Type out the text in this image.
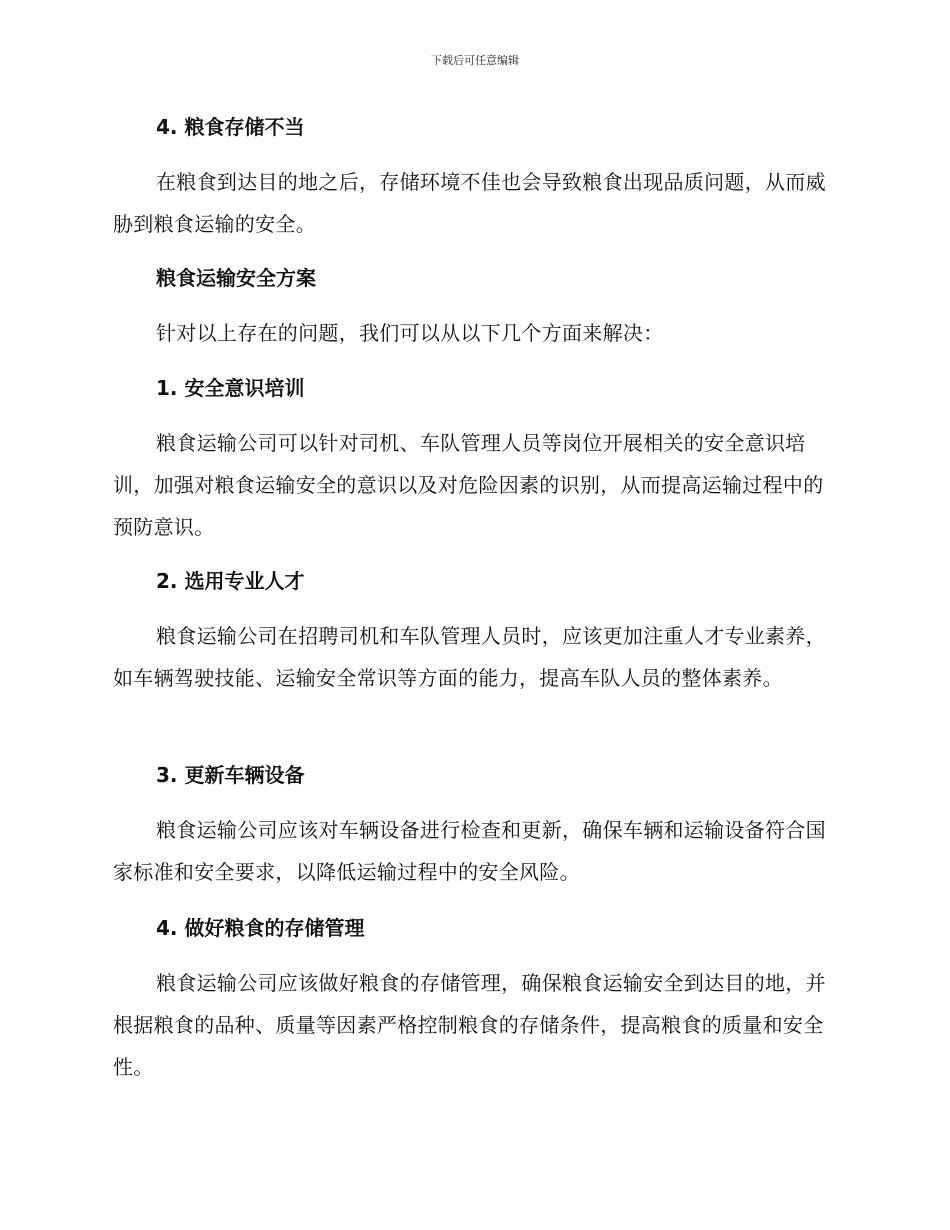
下载后可任意编辑

4. 粮食存储不当

在粮食到达目的地之后，存储环境不佳也会导致粮食出现品质问题，从而威胁到粮食运输的安全。

粮食运输安全方案

针对以上存在的问题，我们可以从以下几个方面来解决：

1. 安全意识培训

粮食运输公司可以针对司机、车队管理人员等岗位开展相关的安全意识培训，加强对粮食运输安全的意识以及对危险因素的识别，从而提高运输过程中的预防意识。

2. 选用专业人才

粮食运输公司在招聘司机和车队管理人员时，应该更加注重人才专业素养，如车辆驾驶技能、运输安全常识等方面的能力，提高车队人员的整体素养。

3. 更新车辆设备

粮食运输公司应该对车辆设备进行检查和更新，确保车辆和运输设备符合国家标准和安全要求，以降低运输过程中的安全风险。

4. 做好粮食的存储管理

粮食运输公司应该做好粮食的存储管理，确保粮食运输安全到达目的地，并根据粮食的品种、质量等因素严格控制粮食的存储条件，提高粮食的质量和安全性。
